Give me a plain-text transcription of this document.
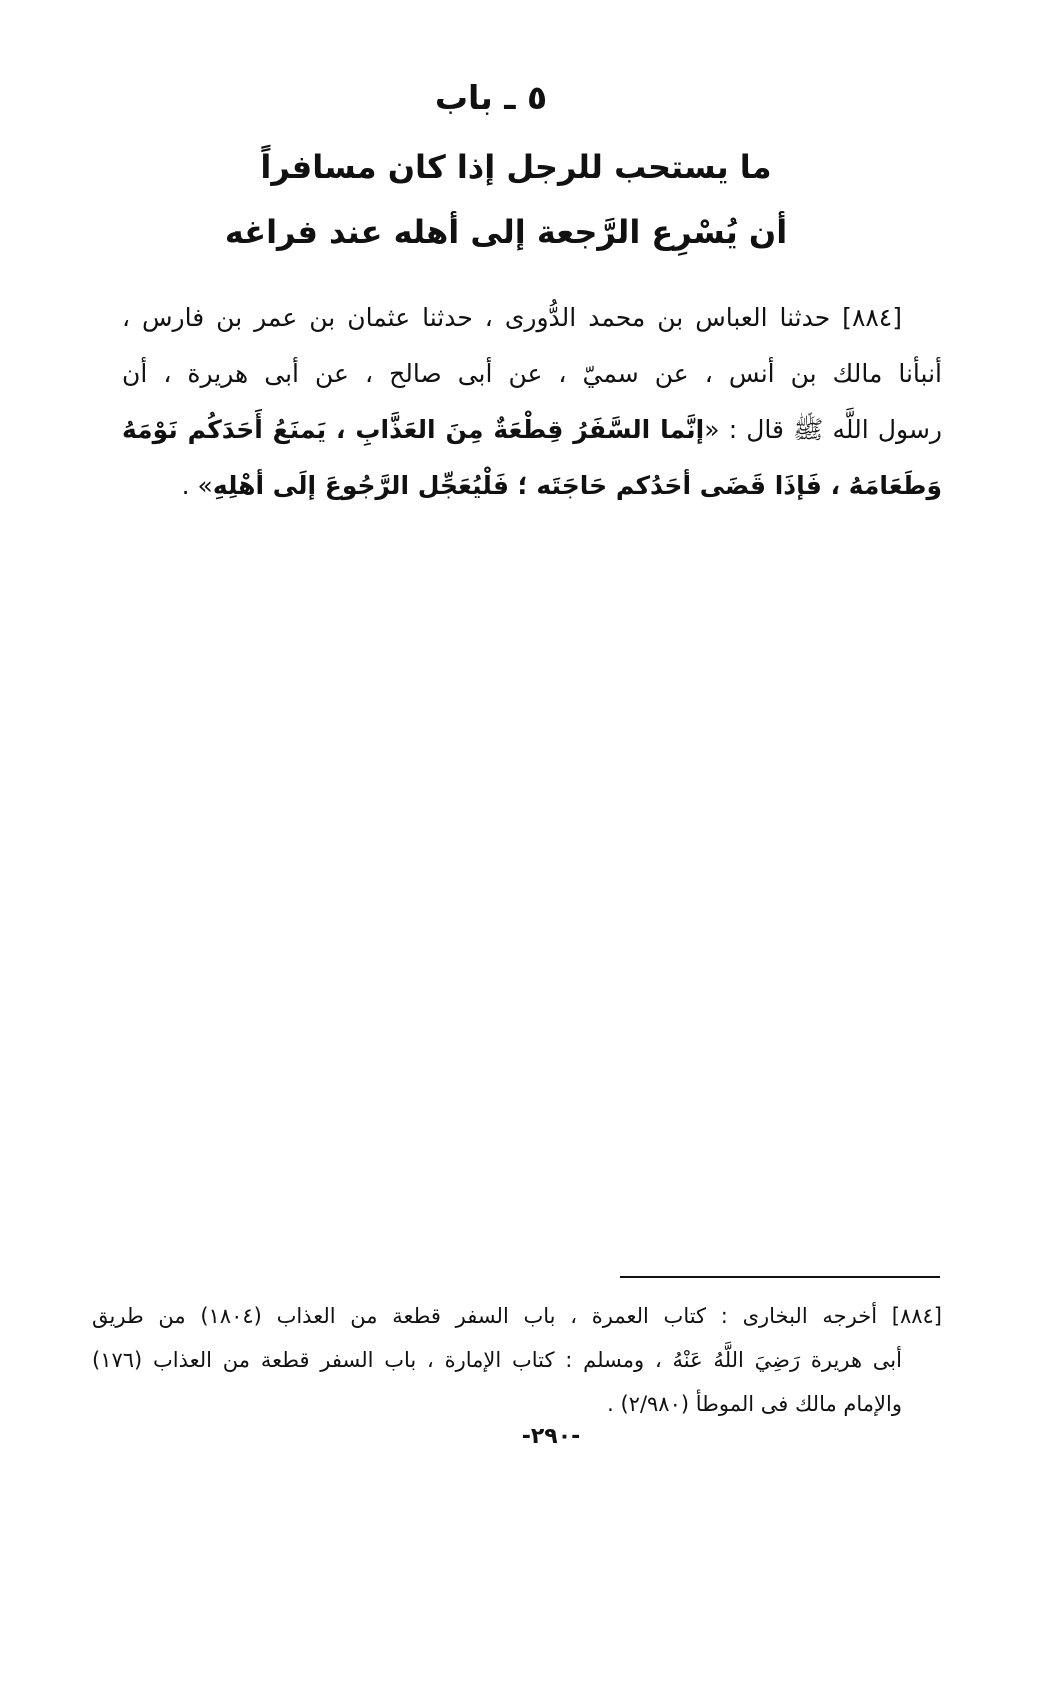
٥ ـ باب
ما يستحب للرجل إذا كان مسافراً
أن يُسْرِع الرَّجعة إلى أهله عند فراغه
[٨٨٤] حدثنا العباس بن محمد الدُّورى ، حدثنا عثمان بن عمر بن فارس ،
أنبأنا مالك بن أنس ، عن سميّ ، عن أبى صالح ، عن أبى هريرة ، أن
رسول اللَّه ﷺ قال : «إنَّما السَّفَرُ قِطْعَةٌ مِنَ العَذَّابِ ، يَمنَعُ أَحَدَكُم نَوْمَهُ
وَطَعَامَهُ ، فَإذَا قَضَى أحَدُكم حَاجَتَه ؛ فَلْيُعَجِّل الرَّجُوعَ إلَى أهْلِهِ» .
[٨٨٤] أخرجه البخارى : كتاب العمرة ، باب السفر قطعة من العذاب (١٨٠٤) من طريق
أبى هريرة رَضِيَ اللَّهُ عَنْهُ ، ومسلم : كتاب الإمارة ، باب السفر قطعة من العذاب (١٧٦)
والإمام مالك فى الموطأ (٢/٩٨٠) .
-٢٩٠-
